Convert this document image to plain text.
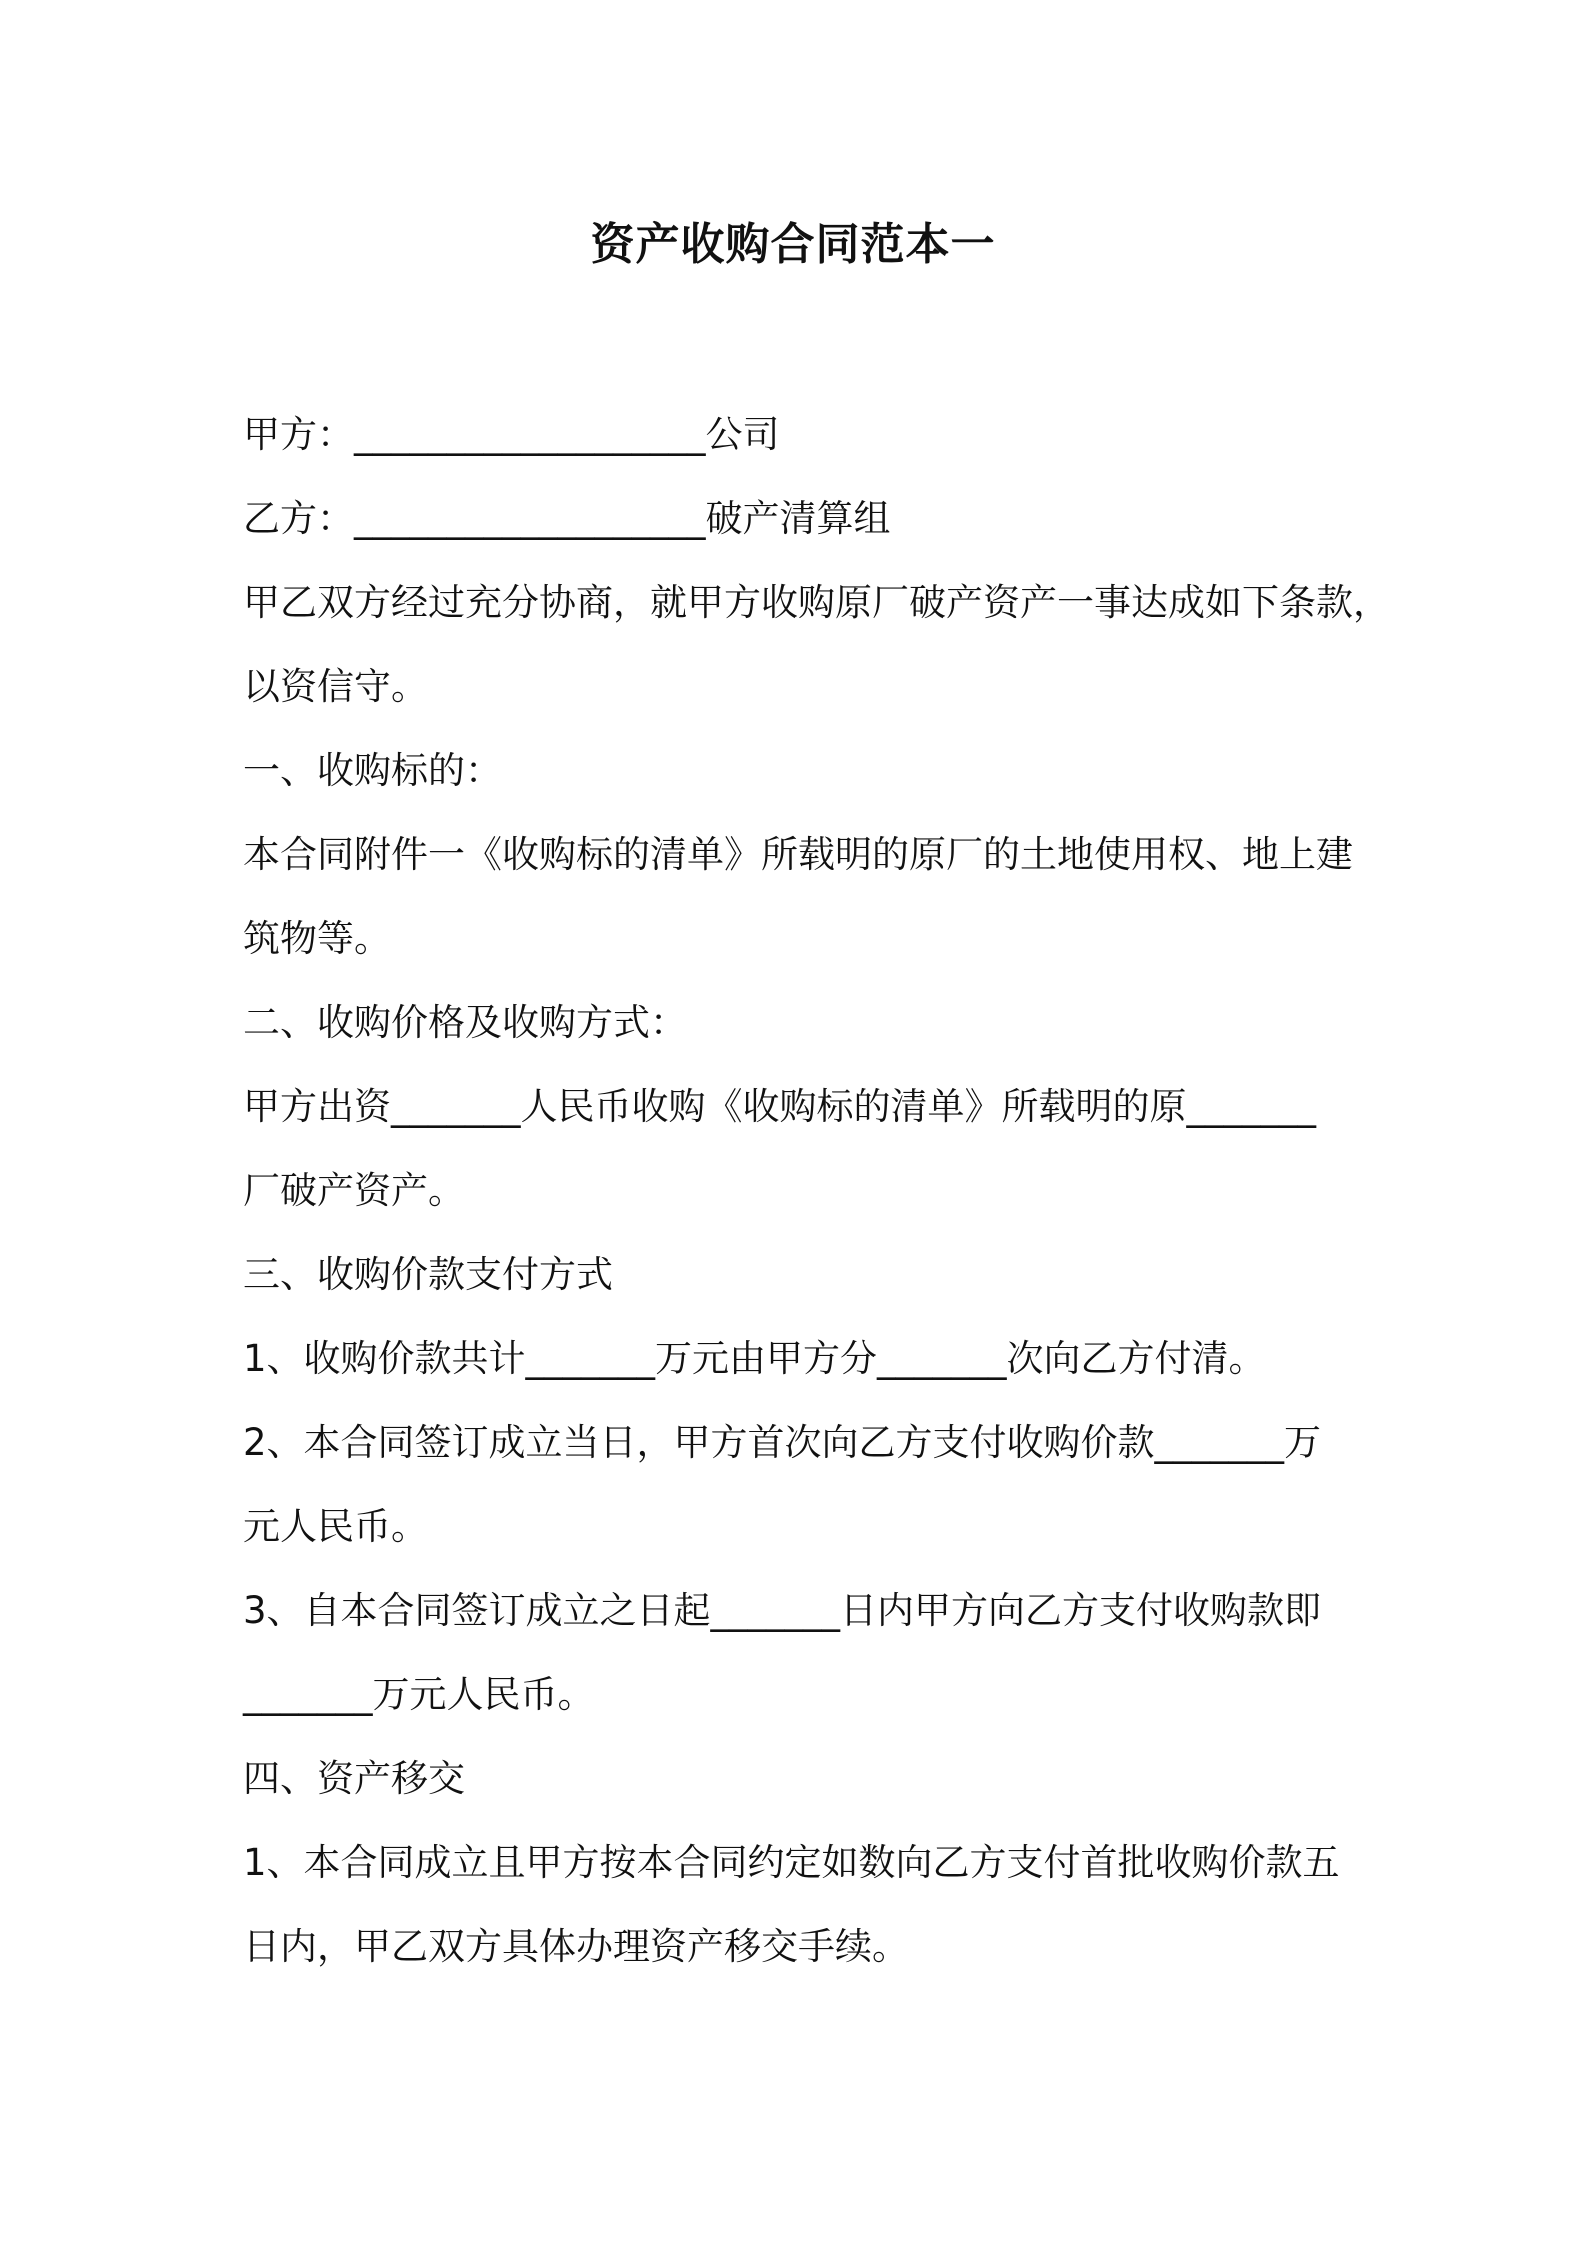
资产收购合同范本一
甲方：___________________公司
乙方：___________________破产清算组
甲乙双方经过充分协商，就甲方收购原厂破产资产一事达成如下条款，
以资信守。
一、收购标的：
本合同附件一《收购标的清单》所载明的原厂的土地使用权、地上建
筑物等。
二、收购价格及收购方式：
甲方出资_______人民币收购《收购标的清单》所载明的原_______
厂破产资产。
三、收购价款支付方式
1、收购价款共计_______万元由甲方分_______次向乙方付清。
2、本合同签订成立当日，甲方首次向乙方支付收购价款_______万
元人民币。
3、自本合同签订成立之日起_______日内甲方向乙方支付收购款即
_______万元人民币。
四、资产移交
1、本合同成立且甲方按本合同约定如数向乙方支付首批收购价款五
日内，甲乙双方具体办理资产移交手续。
